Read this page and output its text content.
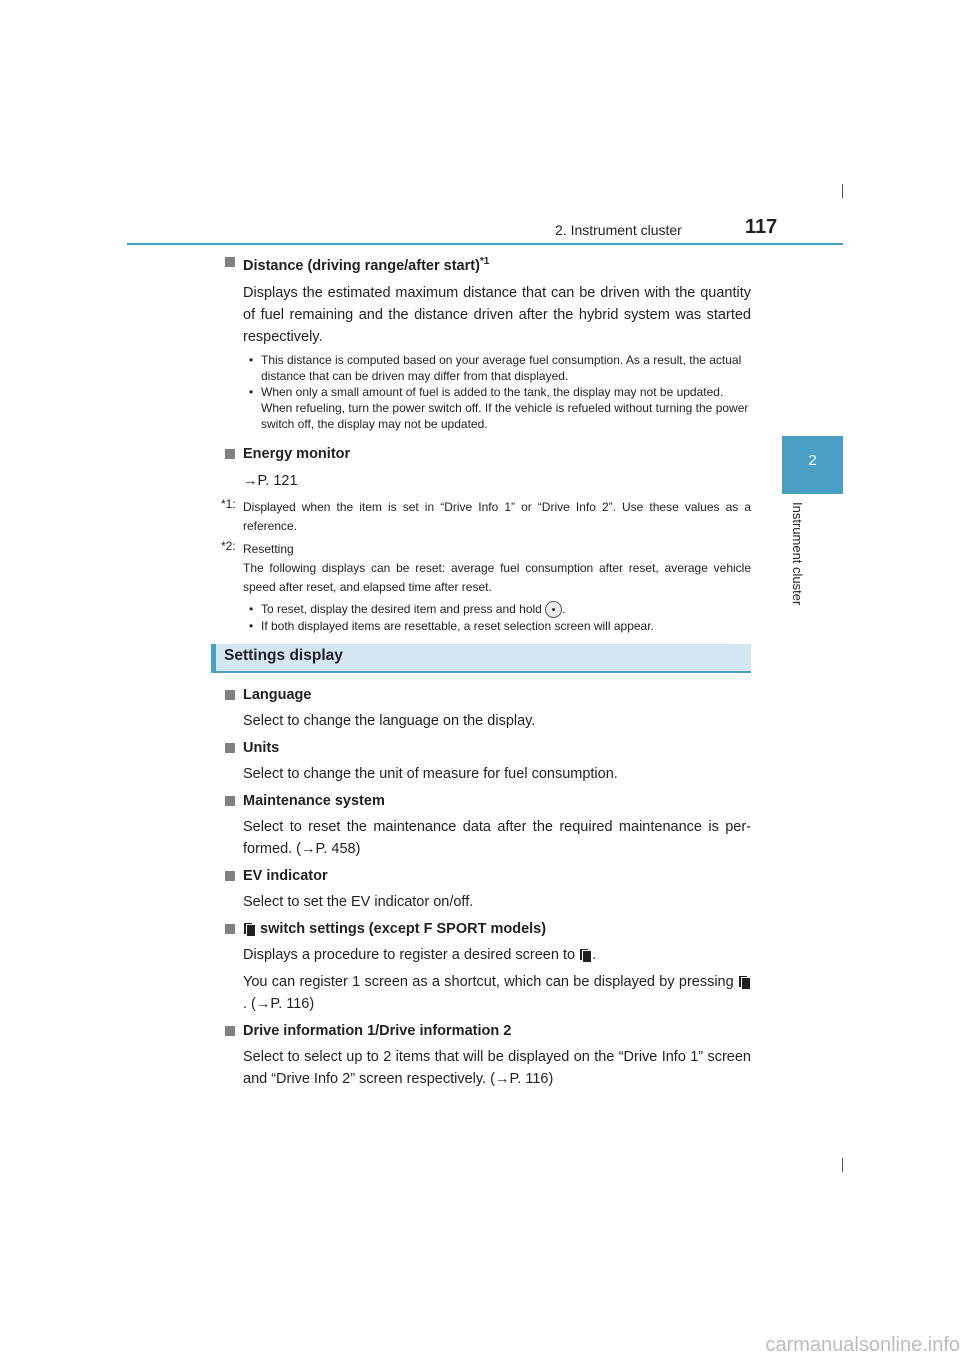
2. Instrument cluster	117
2
Instrument cluster
Distance (driving range/after start)$^{*1}$

Displays the estimated maximum distance that can be driven with the quantity of fuel remaining and the distance driven after the hybrid system was started respectively.

• This distance is computed based on your average fuel consumption. As a result, the actual distance that can be driven may differ from that displayed.

• When only a small amount of fuel is added to the tank, the display may not be updated.

When refueling, turn the power switch off. If the vehicle is refueled without turning the power switch off, the display may not be updated.

Energy monitor

→P. 121

*1: Displayed when the item is set in “Drive Info 1” or “Drive Info 2”. Use these values as a reference.

*2: Resetting

The following displays can be reset: average fuel consumption after reset, average vehicle speed after reset, and elapsed time after reset.

• To reset, display the desired item and press and hold .

• If both displayed items are resettable, a reset selection screen will appear.

Settings display
Language

Select to change the language on the display.

Units

Select to change the unit of measure for fuel consumption.

Maintenance system

Select to reset the maintenance data after the required maintenance is per-formed. (→P. 458)

EV indicator

Select to set the EV indicator on/off.

switch settings (except F SPORT models)

Displays a procedure to register a desired screen to .

You can register 1 screen as a shortcut, which can be displayed by pressing
. (→P. 116)

Drive information 1/Drive information 2

Select to select up to 2 items that will be displayed on the “Drive Info 1” screen and “Drive Info 2” screen respectively. (→P. 116)

carmanualsonline.info
